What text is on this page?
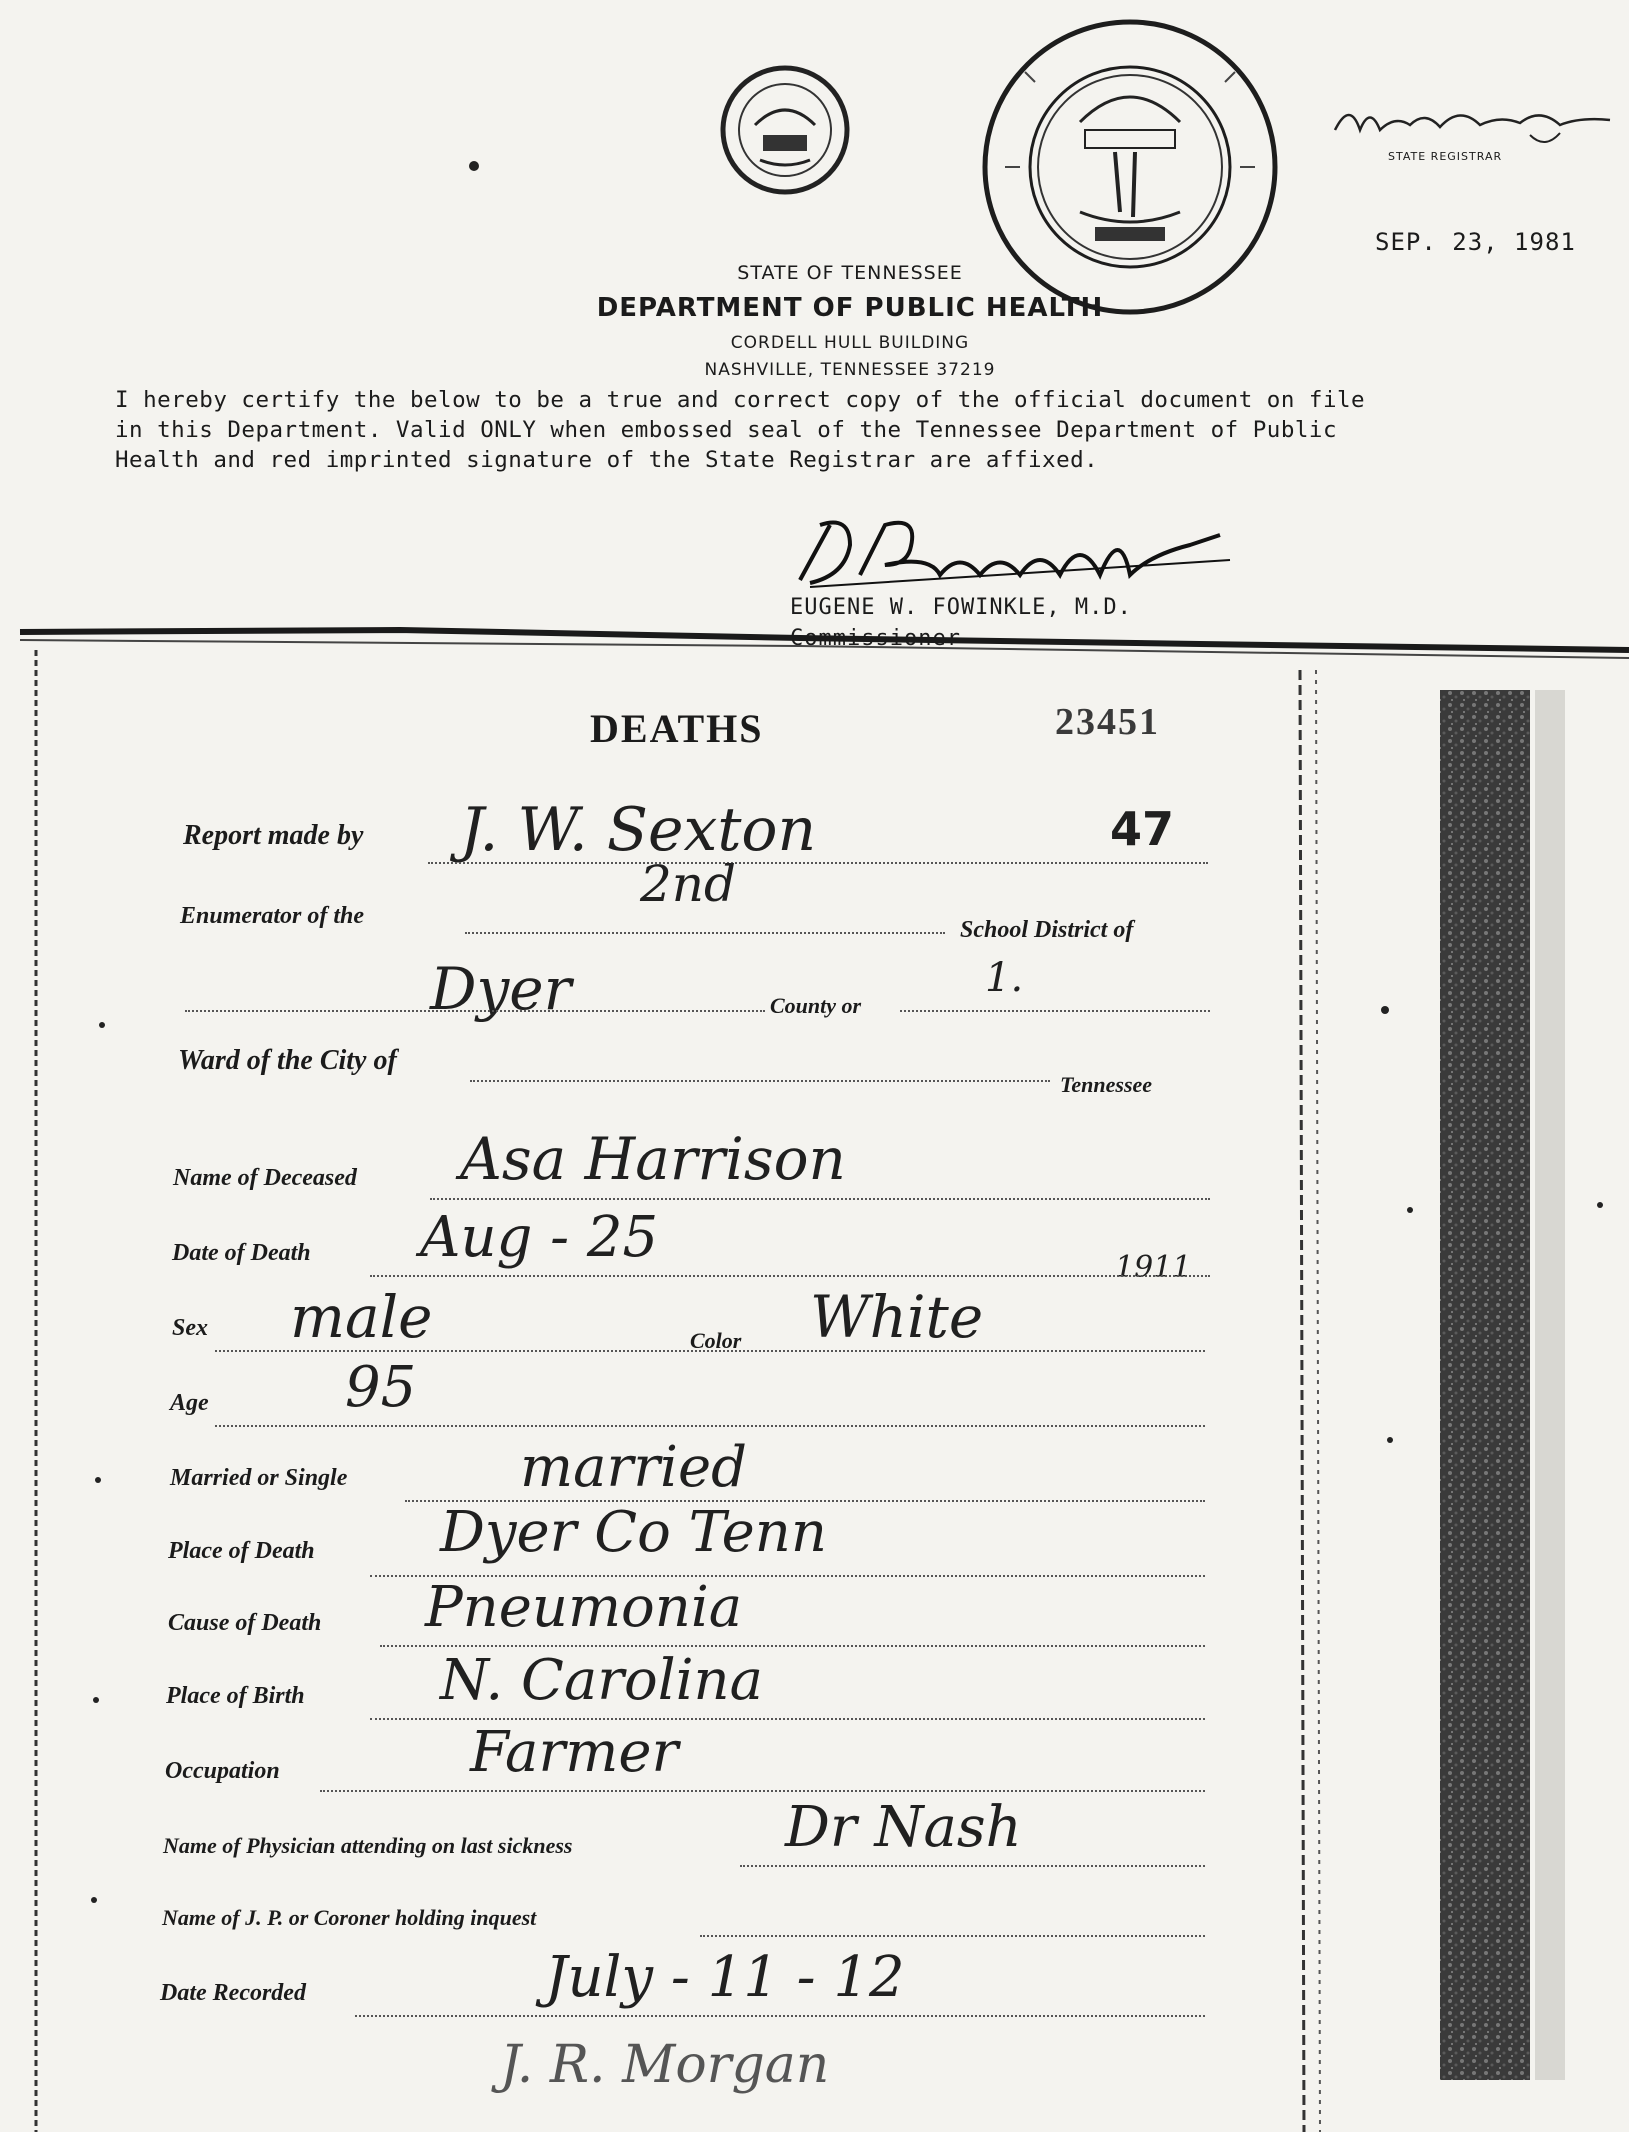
STATE REGISTRAR
SEP. 23, 1981
STATE OF TENNESSEE
DEPARTMENT OF PUBLIC HEALTH
CORDELL HULL BUILDING
NASHVILLE, TENNESSEE 37219
I hereby certify the below to be a true and correct copy of the official document on file in this Department. Valid ONLY when embossed seal of the Tennessee Department of Public Health and red imprinted signature of the State Registrar are affixed.
EUGENE W. FOWINKLE, M.D.
Commissioner
DEATHS	23451
Report made by J. W. Sexton	47
Enumerator of the
2nd
School District of
Dyer	County or
1.
Ward of the City of
Tennessee
Name of Deceased Asa Harrison
Date of Death Aug - 25	1911
Sex male	Color White
Age 95
Married or Single	married
Place of Death Dyer Co Tenn
Cause of Death Pneumonia
Place of Birth N. Carolina
Occupation	Farmer
Name of Physician attending on last sickness	Dr Nash
Name of J. P. or Coroner holding inquest
Date Recorded	July - 11 - 12
J. R. Morgan
